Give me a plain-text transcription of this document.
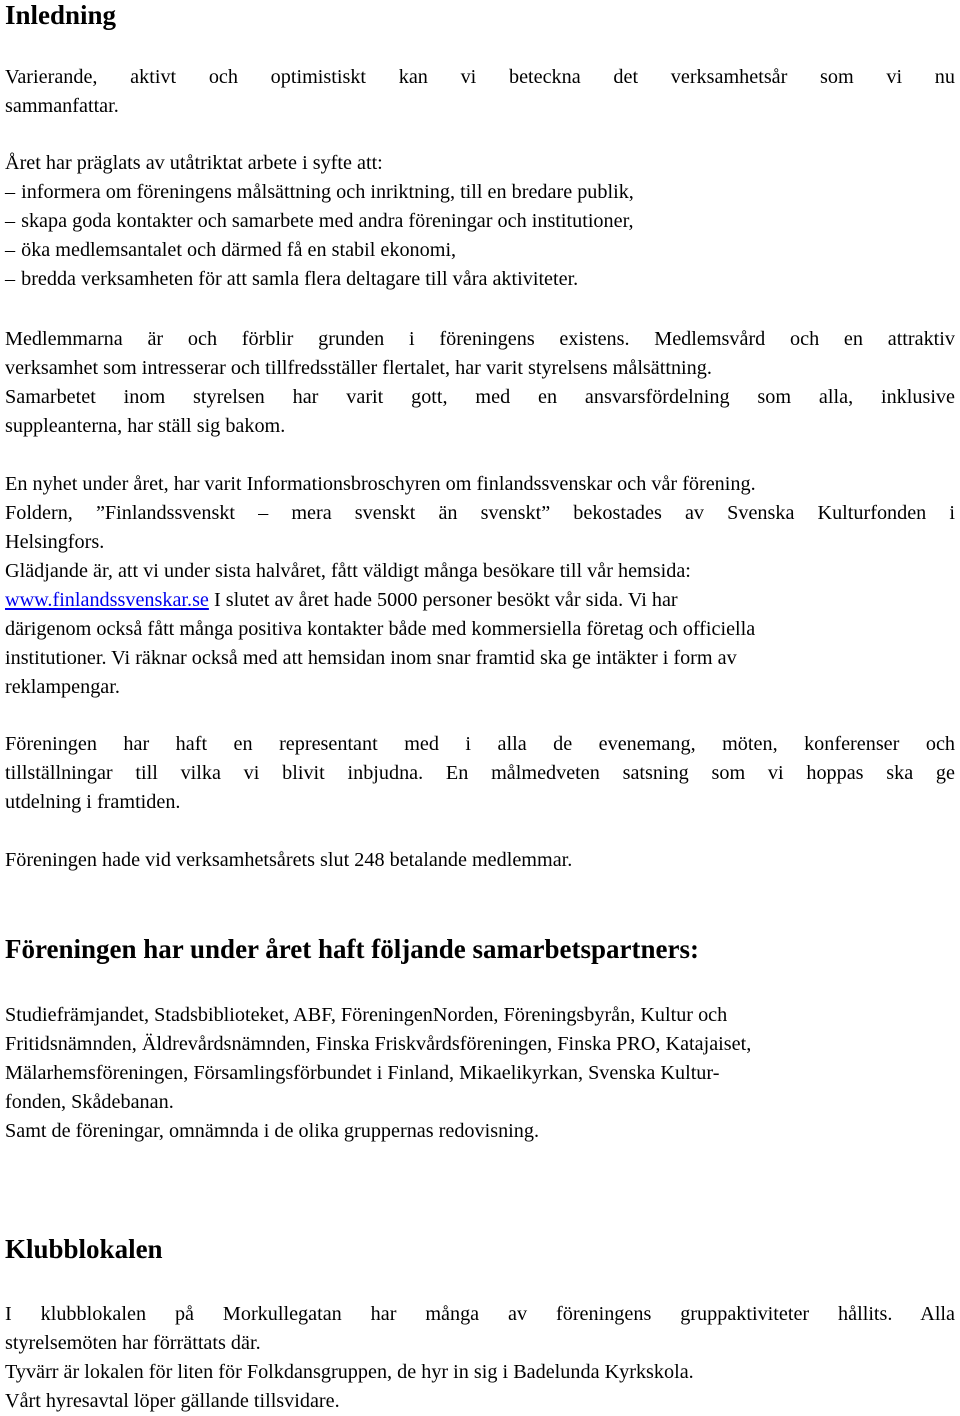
Inledning
Varierande, aktivt och optimistiskt kan vi beteckna det verksamhetsår som vi nu
sammanfattar.
Året har präglats av utåtriktat arbete i syfte att:
– informera om föreningens målsättning och inriktning, till en bredare publik,
– skapa goda kontakter och samarbete med andra föreningar och institutioner,
– öka medlemsantalet och därmed få en stabil ekonomi,
– bredda verksamheten för att samla flera deltagare till våra aktiviteter.
Medlemmarna är och förblir grunden i föreningens existens. Medlemsvård och en attraktiv
verksamhet som intresserar och tillfredsställer flertalet, har varit styrelsens målsättning.
Samarbetet inom styrelsen har varit gott, med en ansvarsfördelning som alla, inklusive
suppleanterna, har ställ sig bakom.
En nyhet under året, har varit Informationsbroschyren om finlandssvenskar och vår förening.
Foldern, ”Finlandssvenskt – mera svenskt än svenskt” bekostades av Svenska Kulturfonden i
Helsingfors.
Glädjande är, att vi under sista halvåret, fått väldigt många besökare till vår hemsida:
www.finlandssvenskar.se I slutet av året hade 5000 personer besökt vår sida. Vi har
därigenom också fått många positiva kontakter både med kommersiella företag och officiella
institutioner. Vi räknar också med att hemsidan inom snar framtid ska ge intäkter i form av
reklampengar.
Föreningen har haft en representant med i alla de evenemang, möten, konferenser och
tillställningar till vilka vi blivit inbjudna. En målmedveten satsning som vi hoppas ska ge
utdelning i framtiden.
Föreningen hade vid verksamhetsårets slut 248 betalande medlemmar.
Föreningen har under året haft följande samarbetspartners:
Studiefrämjandet, Stadsbiblioteket, ABF, FöreningenNorden, Föreningsbyrån, Kultur och
Fritidsnämnden, Äldrevårdsnämnden, Finska Friskvårdsföreningen, Finska PRO, Katajaiset,
Mälarhemsföreningen, Församlingsförbundet i Finland, Mikaelikyrkan, Svenska Kultur-
fonden, Skådebanan.
Samt de föreningar, omnämnda i de olika gruppernas redovisning.
Klubblokalen
I klubblokalen på Morkullegatan har många av föreningens gruppaktiviteter hållits. Alla
styrelsemöten har förrättats där.
Tyvärr är lokalen för liten för Folkdansgruppen, de hyr in sig i Badelunda Kyrkskola.
Vårt hyresavtal löper gällande tillsvidare.
